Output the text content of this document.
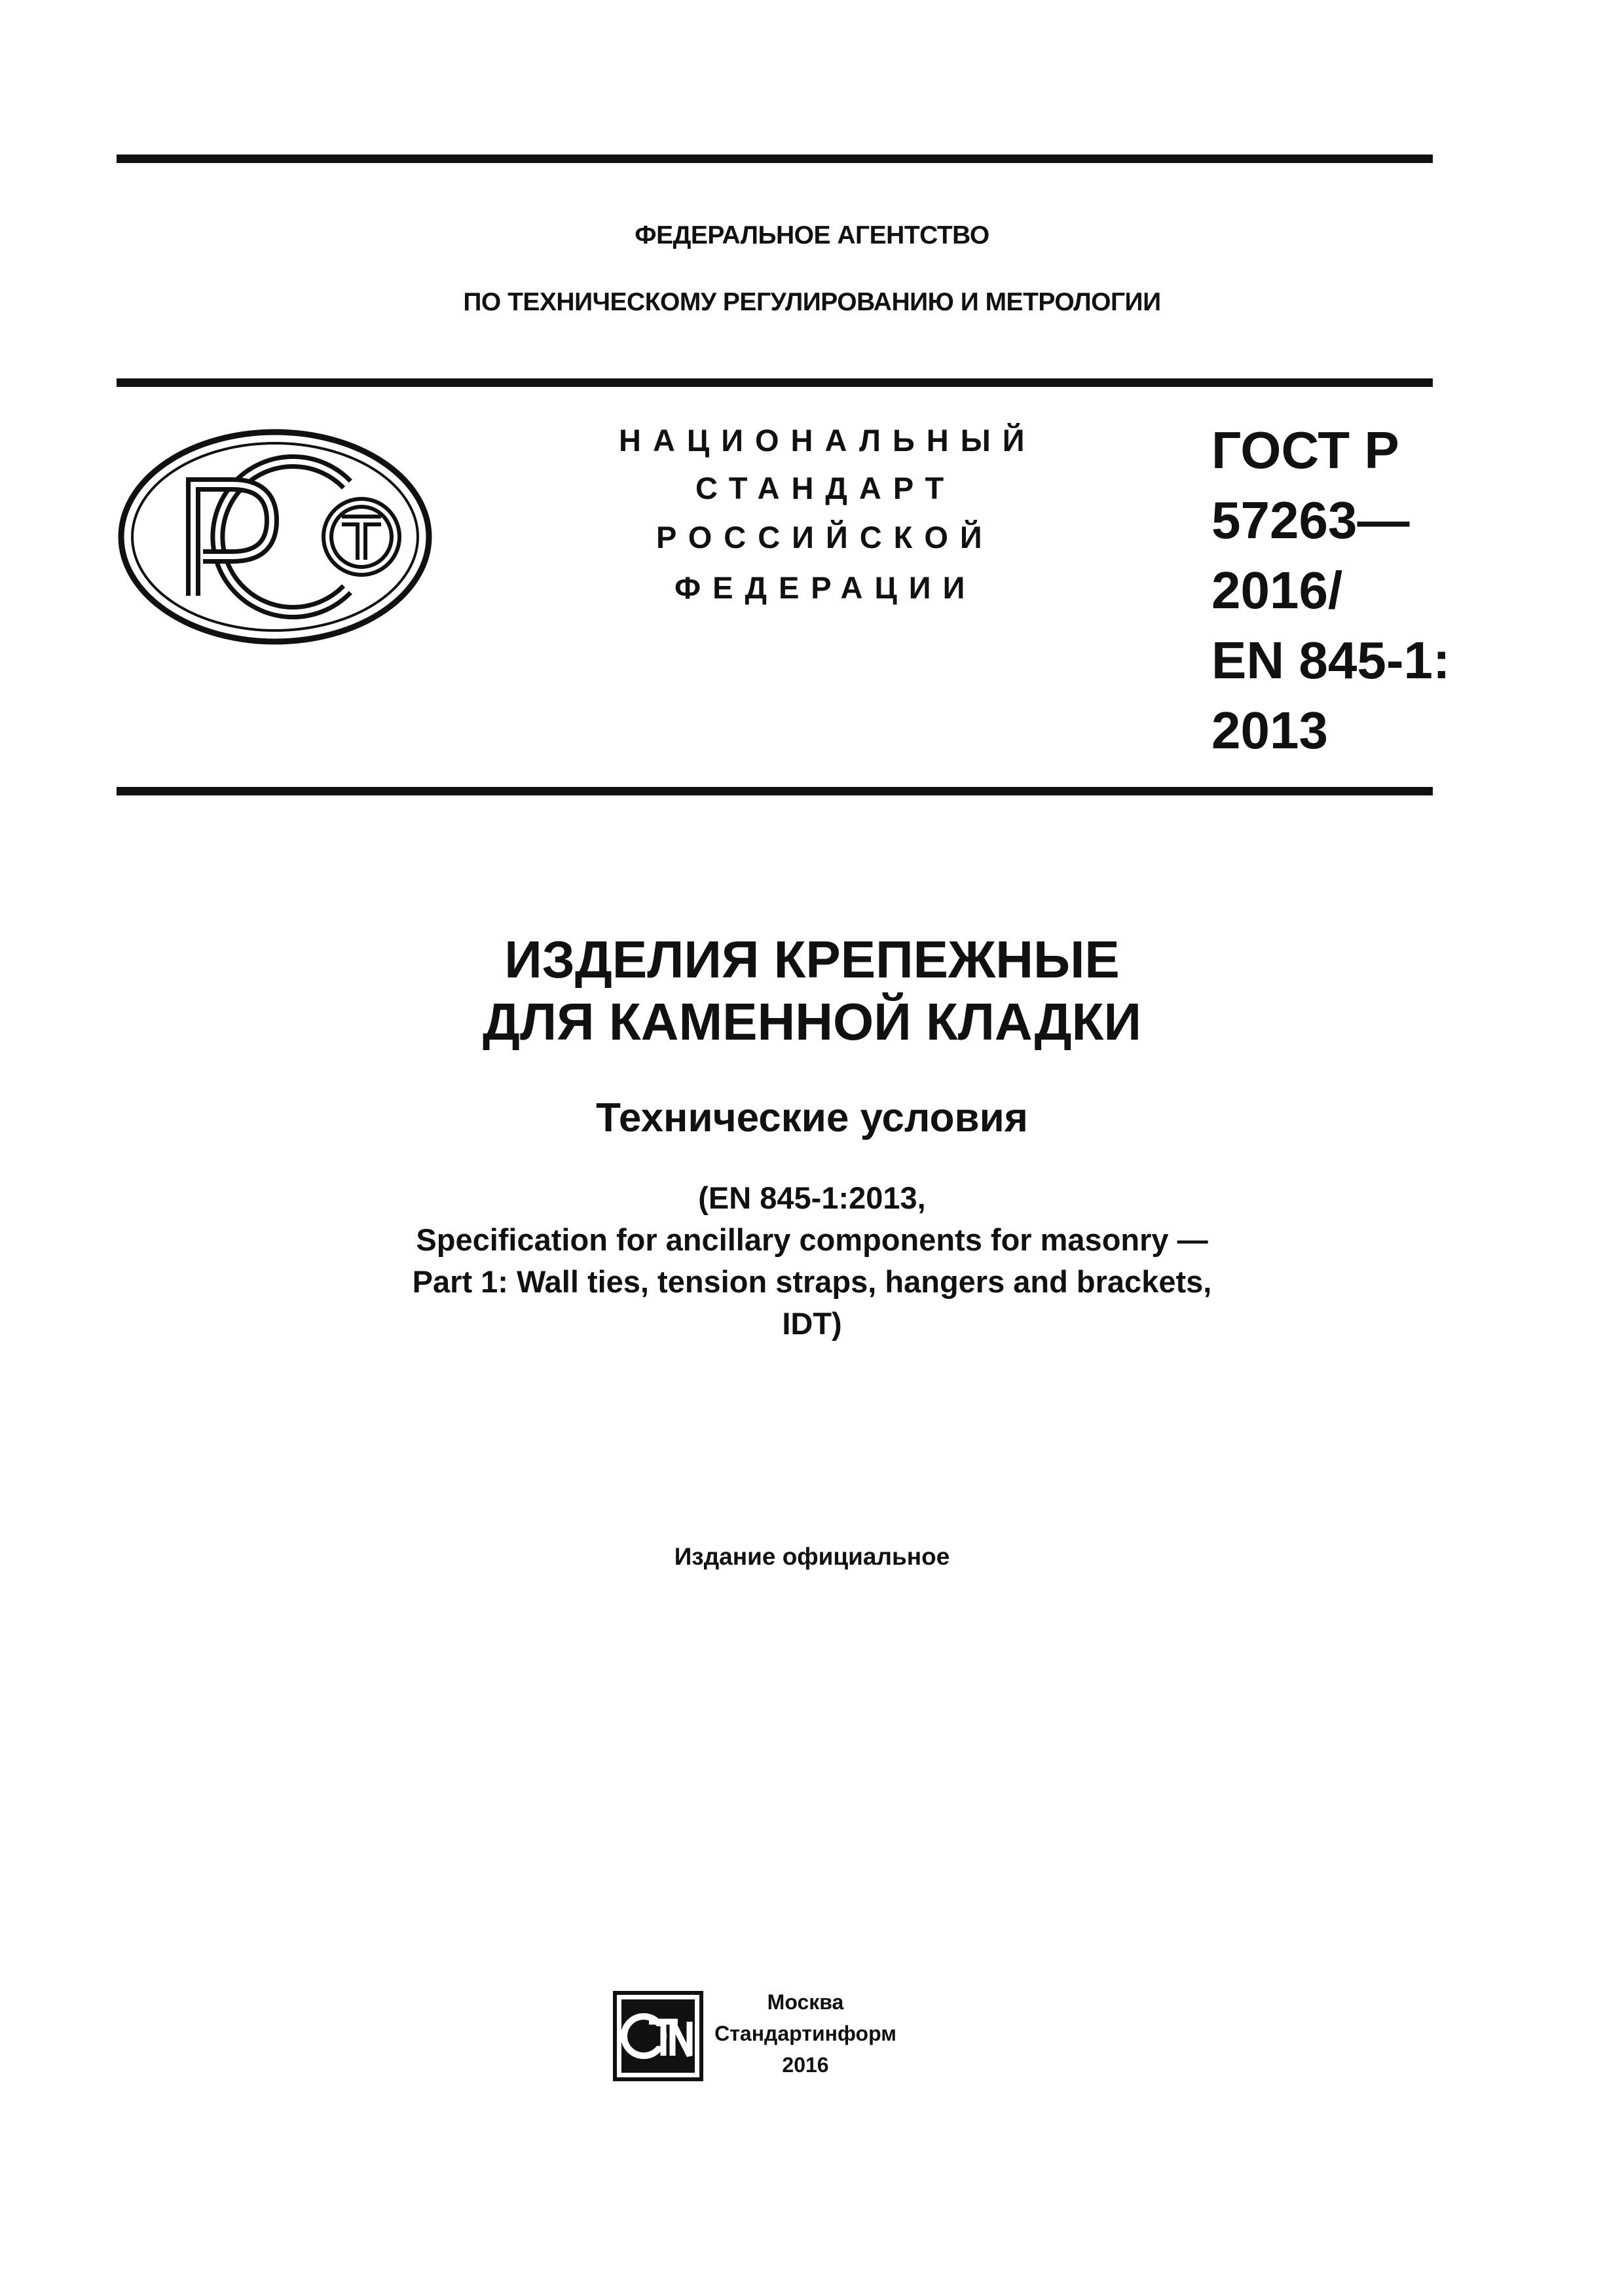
ФЕДЕРАЛЬНОЕ АГЕНТСТВО
ПО ТЕХНИЧЕСКОМУ РЕГУЛИРОВАНИЮ И МЕТРОЛОГИИ
НАЦИОНАЛЬНЫЙ
СТАНДАРТ
РОССИЙСКОЙ
ФЕДЕРАЦИИ
ГОСТ Р
57263—
2016/
EN 845-1:
2013
ИЗДЕЛИЯ КРЕПЕЖНЫЕ
ДЛЯ КАМЕННОЙ КЛАДКИ
Технические условия
(EN 845-1:2013,
Specification for ancillary components for masonry —
Part 1: Wall ties, tension straps, hangers and brackets,
IDT)
Издание официальное
Москва
Стандартинформ
2016
